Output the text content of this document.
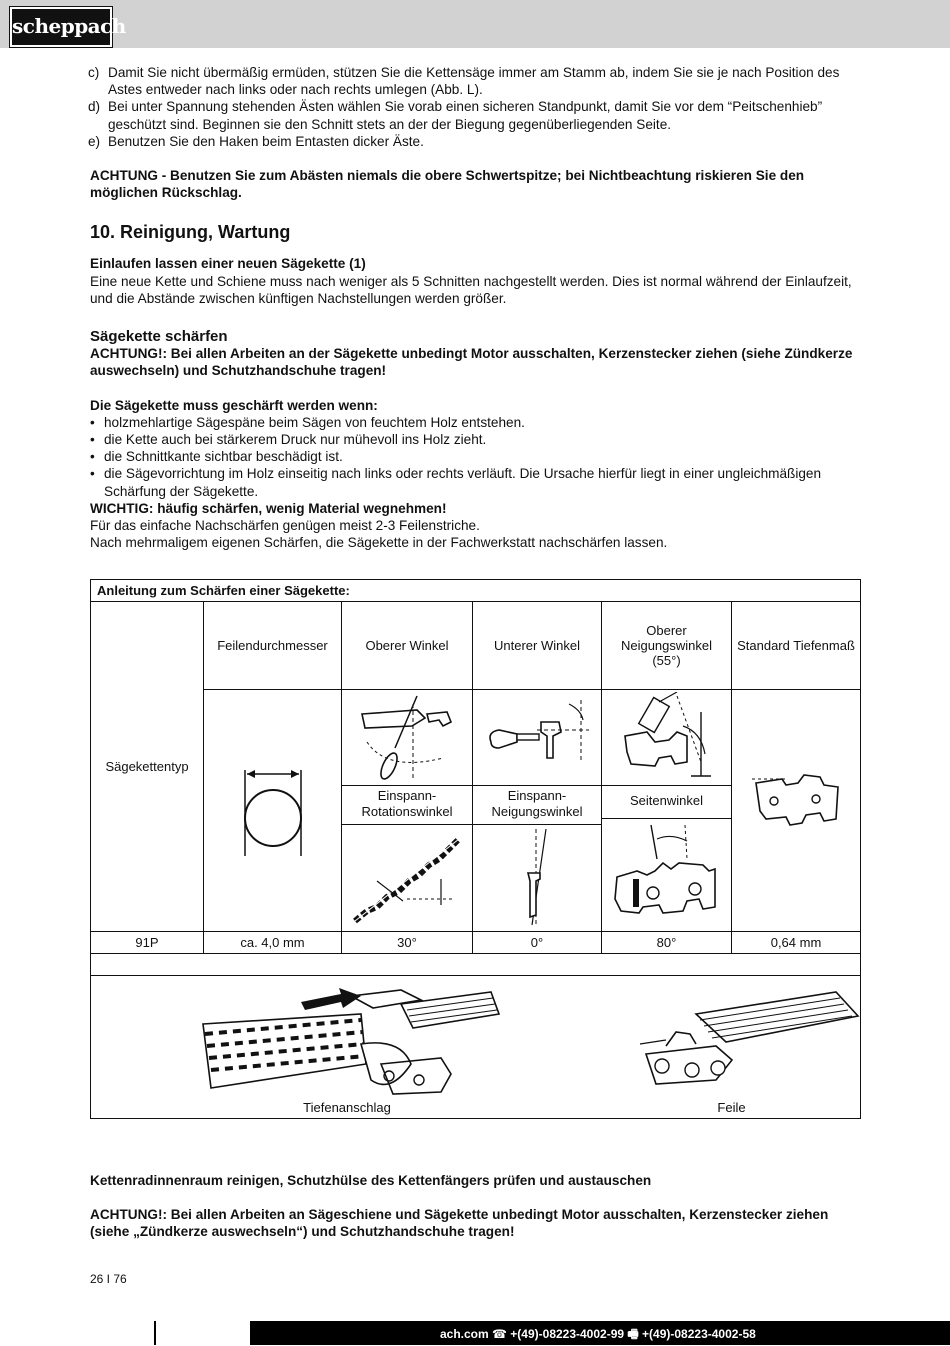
scheppach
c) Damit Sie nicht übermäßig ermüden, stützen Sie die Kettensäge immer am Stamm ab, indem Sie sie je nach Position des Astes entweder nach links oder nach rechts umlegen (Abb. L).
d) Bei unter Spannung stehenden Ästen wählen Sie vorab einen sicheren Standpunkt, damit Sie vor dem “Peitschenhieb” geschützt sind. Beginnen sie den Schnitt stets an der der Biegung gegenüberliegenden Seite.
e) Benutzen Sie den Haken beim Entasten dicker Äste.
ACHTUNG - Benutzen Sie zum Abästen niemals die obere Schwertspitze; bei Nichtbeachtung riskieren Sie den möglichen Rückschlag.
10. Reinigung, Wartung
Einlaufen lassen einer neuen Sägekette (1)
Eine neue Kette und Schiene muss nach weniger als 5 Schnitten nachgestellt werden. Dies ist normal während der Einlaufzeit, und die Abstände zwischen künftigen Nachstellungen werden größer.
Sägekette schärfen
ACHTUNG!: Bei allen Arbeiten an der Sägekette unbedingt Motor ausschalten, Kerzenstecker ziehen (siehe Zündkerze auswechseln) und Schutzhandschuhe tragen!
Die Sägekette muss geschärft werden wenn:
• holzmehlartige Sägespäne beim Sägen von feuchtem Holz entstehen.
• die Kette auch bei stärkerem Druck nur mühevoll ins Holz zieht.
• die Schnittkante sichtbar beschädigt ist.
• die Sägevorrichtung im Holz einseitig nach links oder rechts verläuft. Die Ursache hierfür liegt in einer ungleichmäßigen Schärfung der Sägekette.
WICHTIG: häufig schärfen, wenig Material wegnehmen!
Für das einfache Nachschärfen genügen meist 2-3 Feilenstriche.
Nach mehrmaligem eigenen Schärfen, die Sägekette in der Fachwerkstatt nachschärfen lassen.
Anleitung zum Schärfen einer Sägekette:					
Sägekettentyp	Feilendurchmesser	Oberer Winkel	Unterer Winkel	Oberer Neigungswinkel (55°)	Standard Tiefenmaß

		Einspann-Rotationswinkel	Einspann-Neigungswinkel	Seitenwinkel	

91P	ca. 4,0 mm	30°	0°	80°	0,64 mm

Tiefenanschlag Feile					
Kettenradinnenraum reinigen, Schutzhülse des Kettenfängers prüfen und austauschen
ACHTUNG!: Bei allen Arbeiten an Sägeschiene und Sägekette unbedingt Motor ausschalten, Kerzenstecker ziehen (siehe „Zündkerze auswechseln“) und Schutzhandschuhe tragen!
26 I 76
ach.com ☎ +(49)-08223-4002-99 🖷 +(49)-08223-4002-58
